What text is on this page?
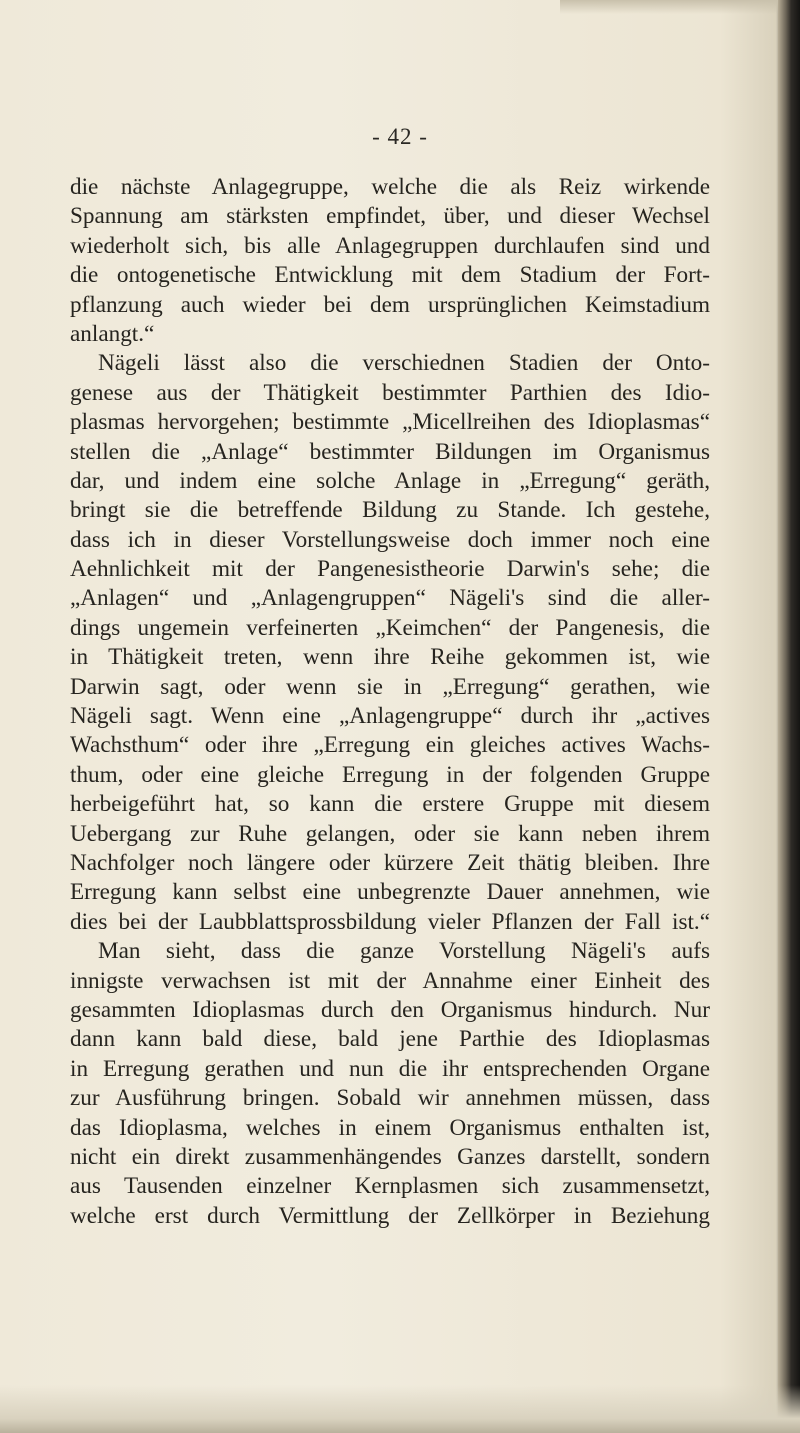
- 42 -
die nächste Anlagegruppe, welche die als Reiz wirkende
Spannung am stärksten empfindet, über, und dieser Wechsel
wiederholt sich, bis alle Anlagegruppen durchlaufen sind und
die ontogenetische Entwicklung mit dem Stadium der Fort-
pflanzung auch wieder bei dem ursprünglichen Keimstadium
anlangt.“
Nägeli lässt also die verschiednen Stadien der Onto-
genese aus der Thätigkeit bestimmter Parthien des Idio-
plasmas hervorgehen; bestimmte „Micellreihen des Idioplasmas“
stellen die „Anlage“ bestimmter Bildungen im Organismus
dar, und indem eine solche Anlage in „Erregung“ geräth,
bringt sie die betreffende Bildung zu Stande. Ich gestehe,
dass ich in dieser Vorstellungsweise doch immer noch eine
Aehnlichkeit mit der Pangenesistheorie Darwin's sehe; die
„Anlagen“ und „Anlagengruppen“ Nägeli's sind die aller-
dings ungemein verfeinerten „Keimchen“ der Pangenesis, die
in Thätigkeit treten, wenn ihre Reihe gekommen ist, wie
Darwin sagt, oder wenn sie in „Erregung“ gerathen, wie
Nägeli sagt. Wenn eine „Anlagengruppe“ durch ihr „actives
Wachsthum“ oder ihre „Erregung ein gleiches actives Wachs-
thum, oder eine gleiche Erregung in der folgenden Gruppe
herbeigeführt hat, so kann die erstere Gruppe mit diesem
Uebergang zur Ruhe gelangen, oder sie kann neben ihrem
Nachfolger noch längere oder kürzere Zeit thätig bleiben. Ihre
Erregung kann selbst eine unbegrenzte Dauer annehmen, wie
dies bei der Laubblattsprossbildung vieler Pflanzen der Fall ist.“
Man sieht, dass die ganze Vorstellung Nägeli's aufs
innigste verwachsen ist mit der Annahme einer Einheit des
gesammten Idioplasmas durch den Organismus hindurch. Nur
dann kann bald diese, bald jene Parthie des Idioplasmas
in Erregung gerathen und nun die ihr entsprechenden Organe
zur Ausführung bringen. Sobald wir annehmen müssen, dass
das Idioplasma, welches in einem Organismus enthalten ist,
nicht ein direkt zusammenhängendes Ganzes darstellt, sondern
aus Tausenden einzelner Kernplasmen sich zusammensetzt,
welche erst durch Vermittlung der Zellkörper in Beziehung
